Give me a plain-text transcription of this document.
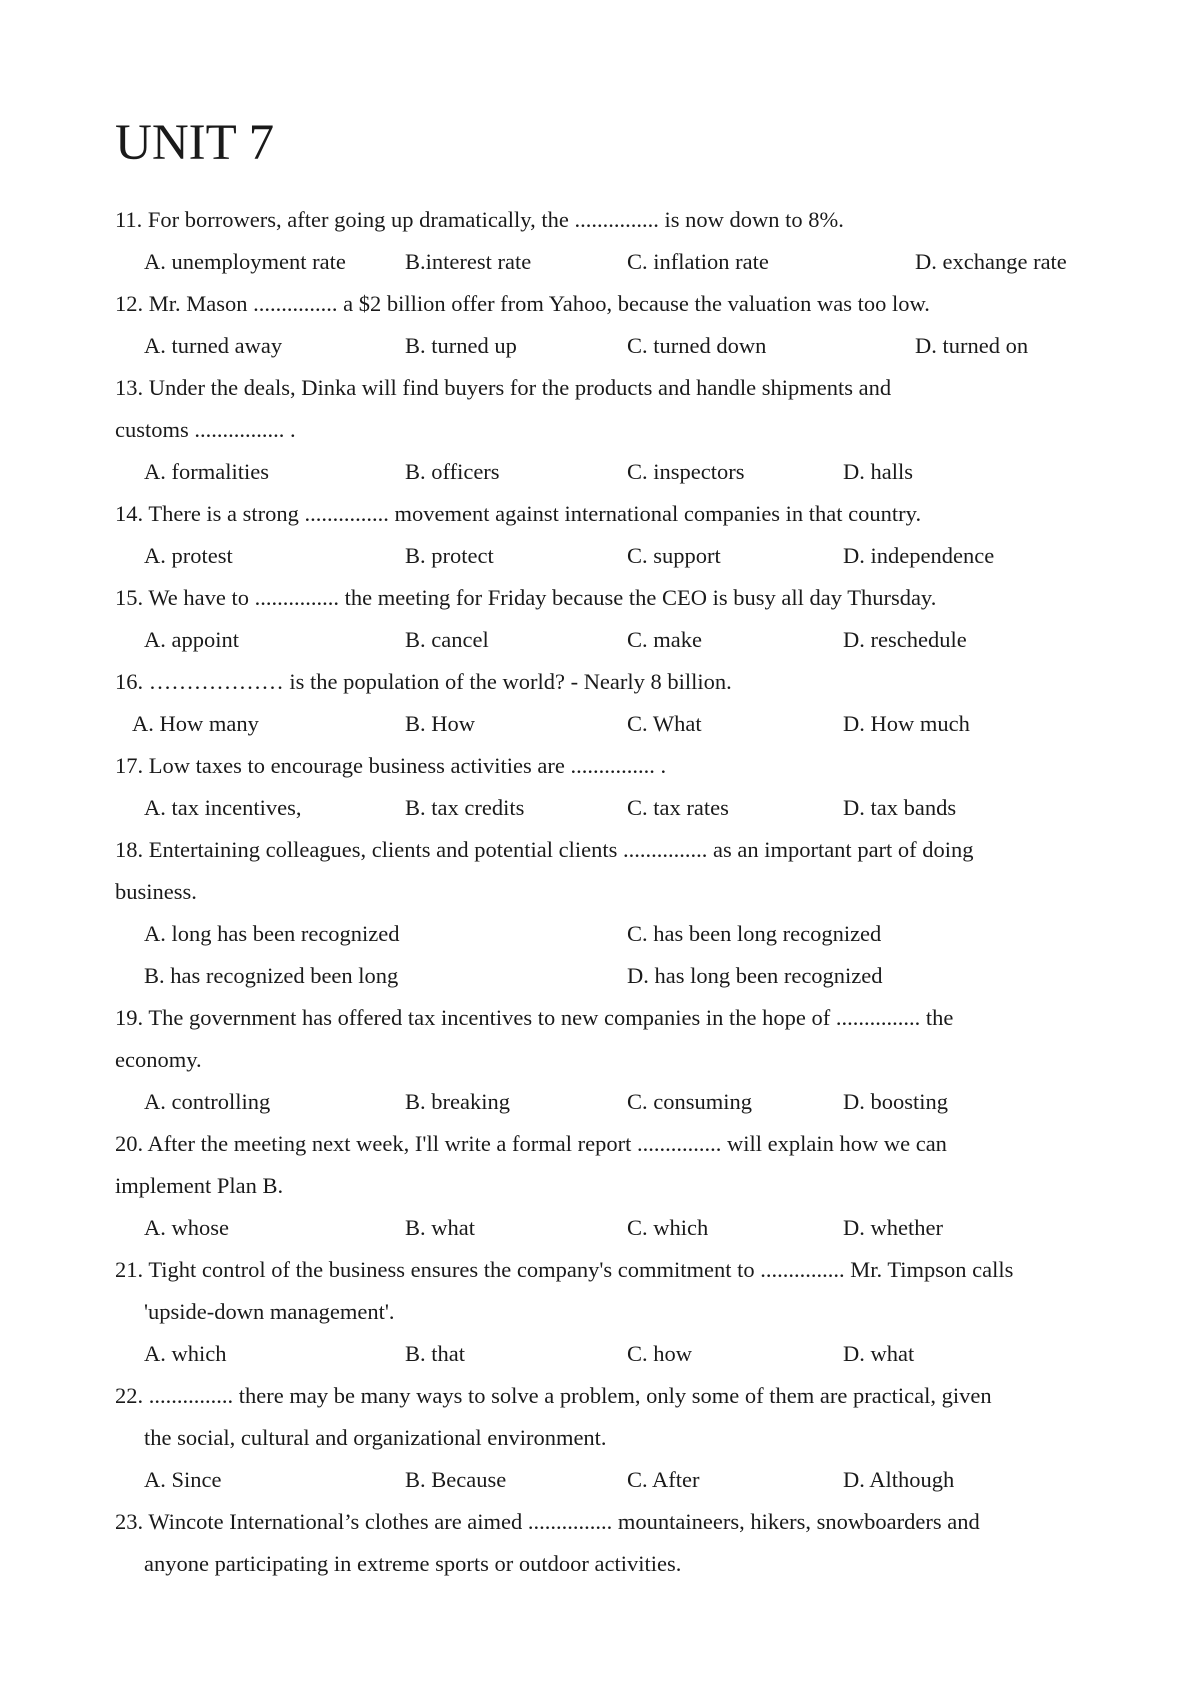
UNIT 7
11. For borrowers, after going up dramatically, the ............... is now down to 8%.
A. unemployment rate	B.interest rate	C. inflation rate	D. exchange rate
12. Mr. Mason ............... a $2 billion offer from Yahoo, because the valuation was too low.
A. turned away	B. turned up	C. turned down	D. turned on
13. Under the deals, Dinka will find buyers for the products and handle shipments and
customs ................ .
A. formalities	B. officers	C. inspectors	D. halls
14. There is a strong ............... movement against international companies in that country.
A. protest	B. protect	C. support	D. independence
15. We have to ............... the meeting for Friday because the CEO is busy all day Thursday.
A. appoint	B. cancel	C. make	D. reschedule
16. ……………… is the population of the world? - Nearly 8 billion.
A. How many	B. How	C. What	D. How much
17. Low taxes to encourage business activities are ............... .
A. tax incentives,	B. tax credits	C. tax rates	D. tax bands
18. Entertaining colleagues, clients and potential clients ............... as an important part of doing
business.
A. long has been recognized	C. has been long recognized
B. has recognized been long	D. has long been recognized
19. The government has offered tax incentives to new companies in the hope of ............... the
economy.
A. controlling	B. breaking	C. consuming	D. boosting
20. After the meeting next week, I'll write a formal report ............... will explain how we can
implement Plan B.
A. whose	B. what	C. which	D. whether
21. Tight control of the business ensures the company's commitment to ............... Mr. Timpson calls
'upside-down management'.
A. which	B. that	C. how	D. what
22. ............... there may be many ways to solve a problem, only some of them are practical, given
the social, cultural and organizational environment.
A. Since	B. Because	C. After	D. Although
23. Wincote International’s clothes are aimed ............... mountaineers, hikers, snowboarders and
anyone participating in extreme sports or outdoor activities.
